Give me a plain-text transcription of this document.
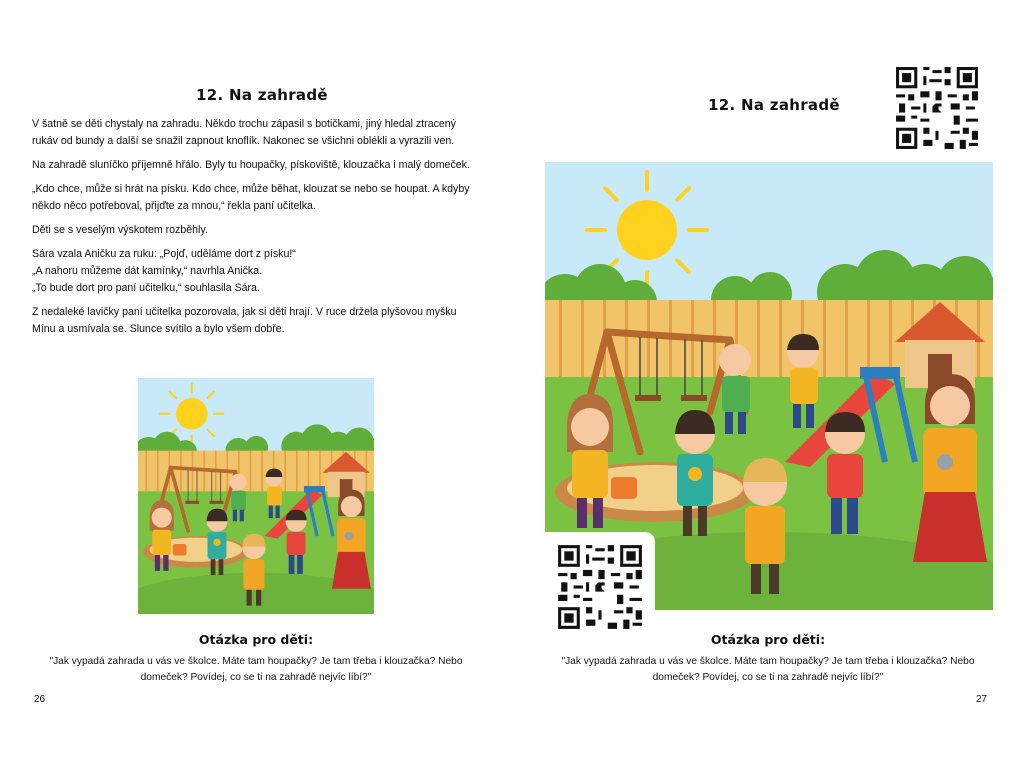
12. Na zahradě

V šatně se děti chystaly na zahradu. Někdo trochu zápasil s botičkami, jiný hledal ztracený rukáv od bundy a další se snažil zapnout knoflík. Nakonec se všichni oblékli a vyrazili ven.

Na zahradě sluníčko příjemně hřálo. Byly tu houpačky, pískoviště, klouzačka i malý domeček.

„Kdo chce, může si hrát na písku. Kdo chce, může běhat, klouzat se nebo se houpat. A kdyby někdo něco potřeboval, přijďte za mnou,“ řekla paní učitelka.

Děti se s veselým výskotem rozběhly.

Sára vzala Aničku za ruku: „Pojď, uděláme dort z písku!“

„A nahoru můžeme dát kamínky,“ navrhla Anička.

„To bude dort pro paní učitelku,“ souhlasila Sára.

Z nedaleké lavičky paní učitelka pozorovala, jak si děti hrají. V ruce držela plyšovou myšku Mínu a usmívala se. Slunce svítilo a bylo všem dobře.

Otázka pro děti:
"Jak vypadá zahrada u vás ve školce. Máte tam houpačky? Je tam třeba i klouzačka? Nebo domeček? Povídej, co se ti na zahradě nejvíc líbí?"
26
12. Na zahradě
Otázka pro děti:
"Jak vypadá zahrada u vás ve školce. Máte tam houpačky? Je tam třeba i klouzačka? Nebo domeček? Povídej, co se ti na zahradě nejvíc líbí?"
27
